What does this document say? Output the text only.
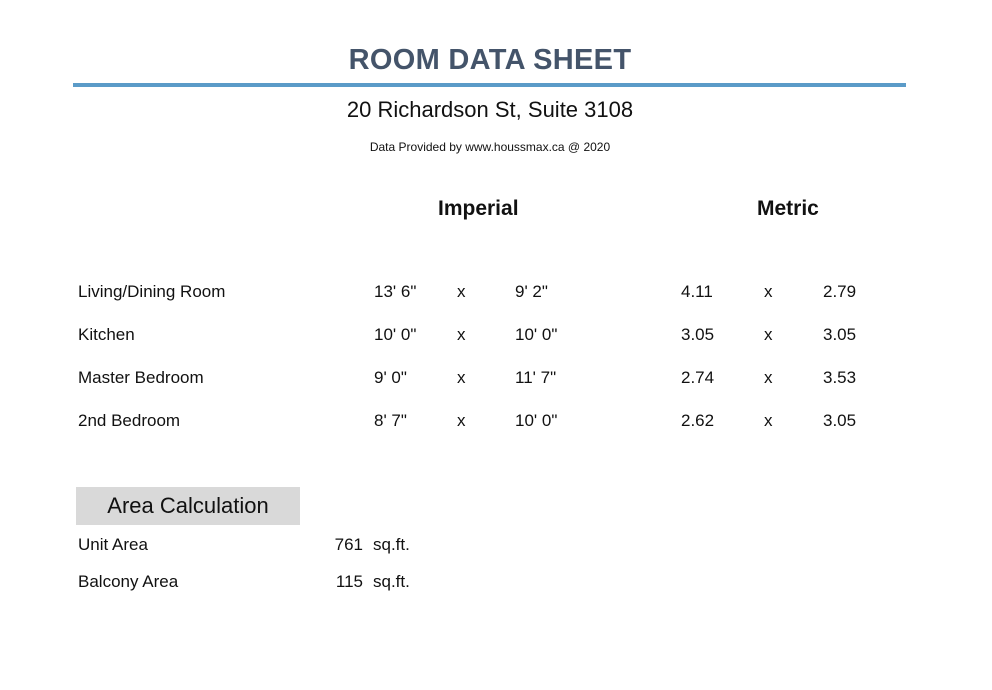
ROOM DATA SHEET
20 Richardson St, Suite 3108
Data Provided by www.houssmax.ca @ 2020
Imperial	Metric
Living/Dining Room	13' 6" x	9' 2"	4.11	x	2.79
Kitchen	10' 0" x	10' 0"	3.05	x	3.05
Master Bedroom	9' 0"	x	11' 7"	2.74	x	3.53
2nd Bedroom	8' 7"	x	10' 0"	2.62	x	3.05
Area Calculation
Unit Area	761 sq.ft.
Balcony Area	115 sq.ft.
